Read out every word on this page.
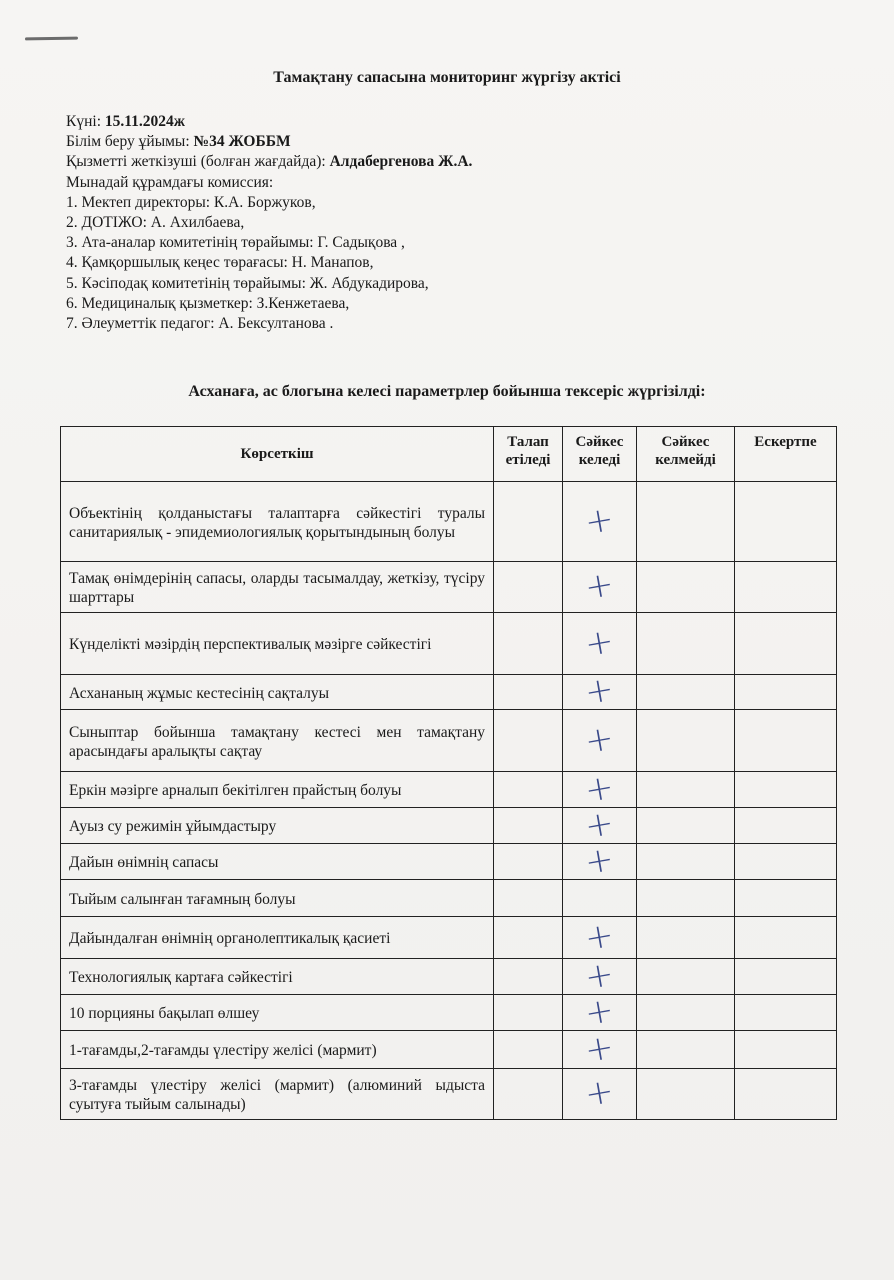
Тамақтану сапасына мониторинг жүргізу актісі
Күні: 15.11.2024ж
Білім беру ұйымы: №34 ЖОББМ
Қызметті жеткізуші (болған жағдайда): Алдабергенова Ж.А.
Мынадай құрамдағы комиссия:
1. Мектеп директоры: К.А. Боржуков,
2. ДОТІЖО: А. Ахилбаева,
3. Ата-аналар комитетінің төрайымы: Г. Садықова ,
4. Қамқоршылық кеңес төрағасы: Н. Манапов,
5. Кәсіподақ комитетінің төрайымы: Ж. Абдукадирова,
6. Медициналық қызметкер: З.Кенжетаева,
7. Әлеуметтік педагог: А. Бексултанова .
Асханаға, ас блогына келесі параметрлер бойынша тексеріс жүргізілді:
Көрсеткіш	Талап етіледі	Сәйкес келеді	Сәйкес келмейді	Ескертпе
Объектінің қолданыстағы талаптарға сәйкестігі туралы санитариялық - эпидемиологиялық қорытындының болуы		+		
Тамақ өнімдерінің сапасы, оларды тасымалдау, жеткізу, түсіру шарттары		+		
Күнделікті мәзірдің перспективалық мәзірге сәйкестігі		+		
Асхананың жұмыс кестесінің сақталуы		+		
Сыныптар бойынша тамақтану кестесі мен тамақтану арасындағы аралықты сақтау		+		
Еркін мәзірге арналып бекітілген прайстың болуы		+		
Ауыз су режимін ұйымдастыру		+		
Дайын өнімнің сапасы		+		
Тыйым салынған тағамның болуы				
Дайындалған өнімнің органолептикалық қасиеті		+		
Технологиялық картаға сәйкестігі		+		
10 порцияны бақылап өлшеу		+		
1-тағамды,2-тағамды үлестіру желісі (мармит)		+		
3-тағамды үлестіру желісі (мармит) (алюминий ыдыста суытуға тыйым салынады)		+		
